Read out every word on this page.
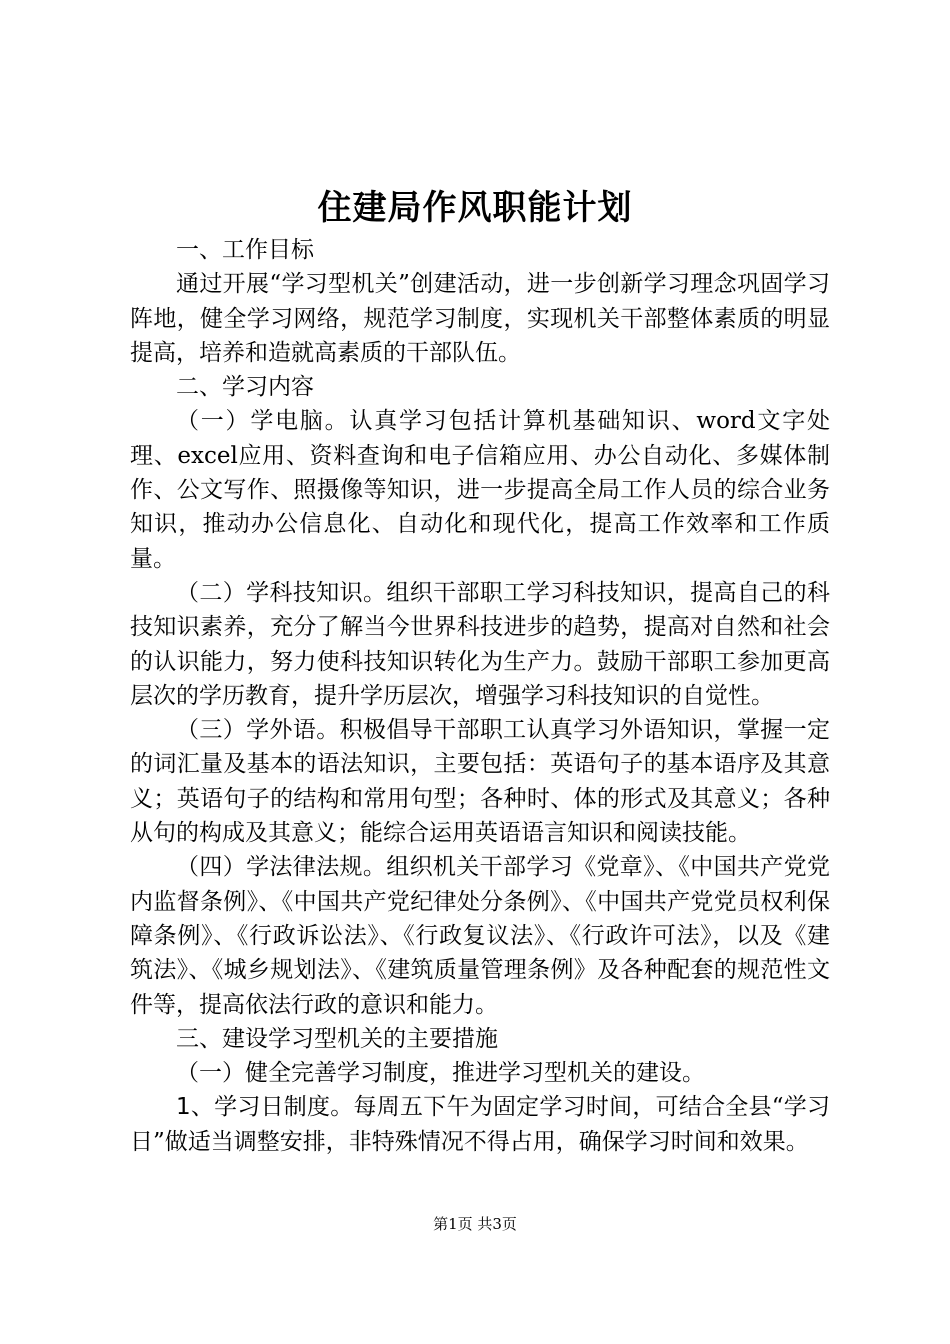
住建局作风职能计划

一、工作目标

通过开展“学习型机关”创建活动，进一步创新学习理念巩固学习阵地，健全学习网络，规范学习制度，实现机关干部整体素质的明显提高，培养和造就高素质的干部队伍。

二、学习内容

（一）学电脑。认真学习包括计算机基础知识、word文字处理、excel应用、资料查询和电子信箱应用、办公自动化、多媒体制作、公文写作、照摄像等知识，进一步提高全局工作人员的综合业务知识，推动办公信息化、自动化和现代化，提高工作效率和工作质量。

（二）学科技知识。组织干部职工学习科技知识，提高自己的科技知识素养，充分了解当今世界科技进步的趋势，提高对自然和社会的认识能力，努力使科技知识转化为生产力。鼓励干部职工参加更高层次的学历教育，提升学历层次，增强学习科技知识的自觉性。

（三）学外语。积极倡导干部职工认真学习外语知识，掌握一定的词汇量及基本的语法知识，主要包括：英语句子的基本语序及其意义；英语句子的结构和常用句型；各种时、体的形式及其意义；各种从句的构成及其意义；能综合运用英语语言知识和阅读技能。

（四）学法律法规。组织机关干部学习《党章》、《中国共产党党内监督条例》、《中国共产党纪律处分条例》、《中国共产党党员权利保障条例》、《行政诉讼法》、《行政复议法》、《行政许可法》，以及《建筑法》、《城乡规划法》、《建筑质量管理条例》及各种配套的规范性文件等，提高依法行政的意识和能力。

三、建设学习型机关的主要措施

（一）健全完善学习制度，推进学习型机关的建设。

1、学习日制度。每周五下午为固定学习时间，可结合全县“学习日”做适当调整安排，非特殊情况不得占用，确保学习时间和效果。

第1页 共3页
